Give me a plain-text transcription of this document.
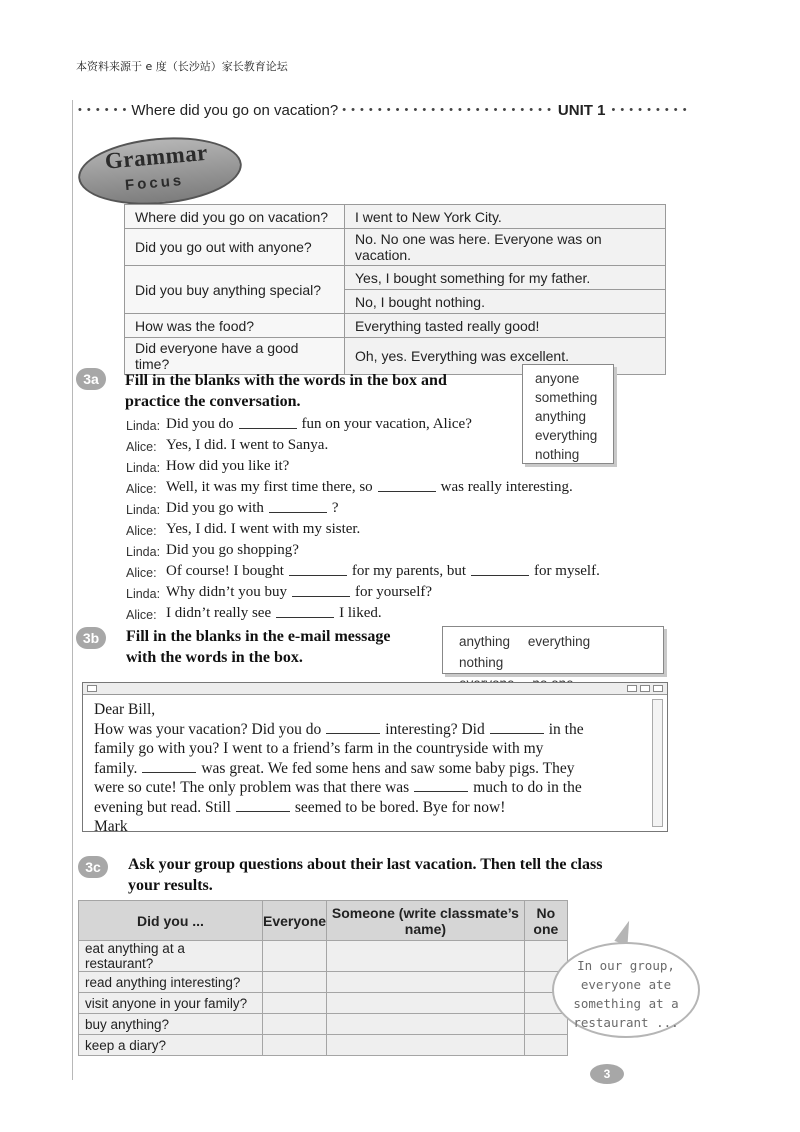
本资料来源于 e 度（长沙站）家长教育论坛
• • • • • • Where did you go on vacation? • • • • • • • • • • • • • • • • • • • • • • • • UNIT 1 • • • • • • • • •
Grammar
Focus
Where did you go on vacation?	I went to New York City.
Did you go out with anyone?	No. No one was here. Everyone was on vacation.
Did you buy anything special?	Yes, I bought something for my father.
	No, I bought nothing.
How was the food?	Everything tasted really good!
Did everyone have a good time?	Oh, yes. Everything was excellent.
3a	Fill in the blanks with the words in the box and
practice the conversation.
anyone
something
anything
everything
nothing
Linda: Did you do	fun on your vacation, Alice?
Alice: Yes, I did. I went to Sanya.
Linda: How did you like it?
Alice: Well, it was my first time there, so	was really interesting.
Linda: Did you go with	?
Alice: Yes, I did. I went with my sister.
Linda: Did you go shopping?
Alice: Of course! I bought	for my parents, but	for myself.
Linda: Why didn’t you buy	for yourself?
Alice: I didn’t really see	I liked.
3b	Fill in the blanks in the e-mail message
with the words in the box.
anything everything nothing
Dear Bill,
How was your vacation? Did you do	interesting? Did	in the
family go with you? I went to a friend’s farm in the countryside with my
family.	was great. We fed some hens and saw some baby pigs. They
were so cute! The only problem was that there was	much to do in the
evening but read. Still	seemed to be bored. Bye for now!
Mark
3c	Ask your group questions about their last vacation. Then tell the class
your results.
Did you ...	Everyone	Someone (write classmate’s name)	No one
eat anything at a restaurant?			
read anything interesting?			
visit anyone in your family?			
buy anything?			
keep a diary?			
In our group,
everyone ate
something at a
restaurant ...
3
